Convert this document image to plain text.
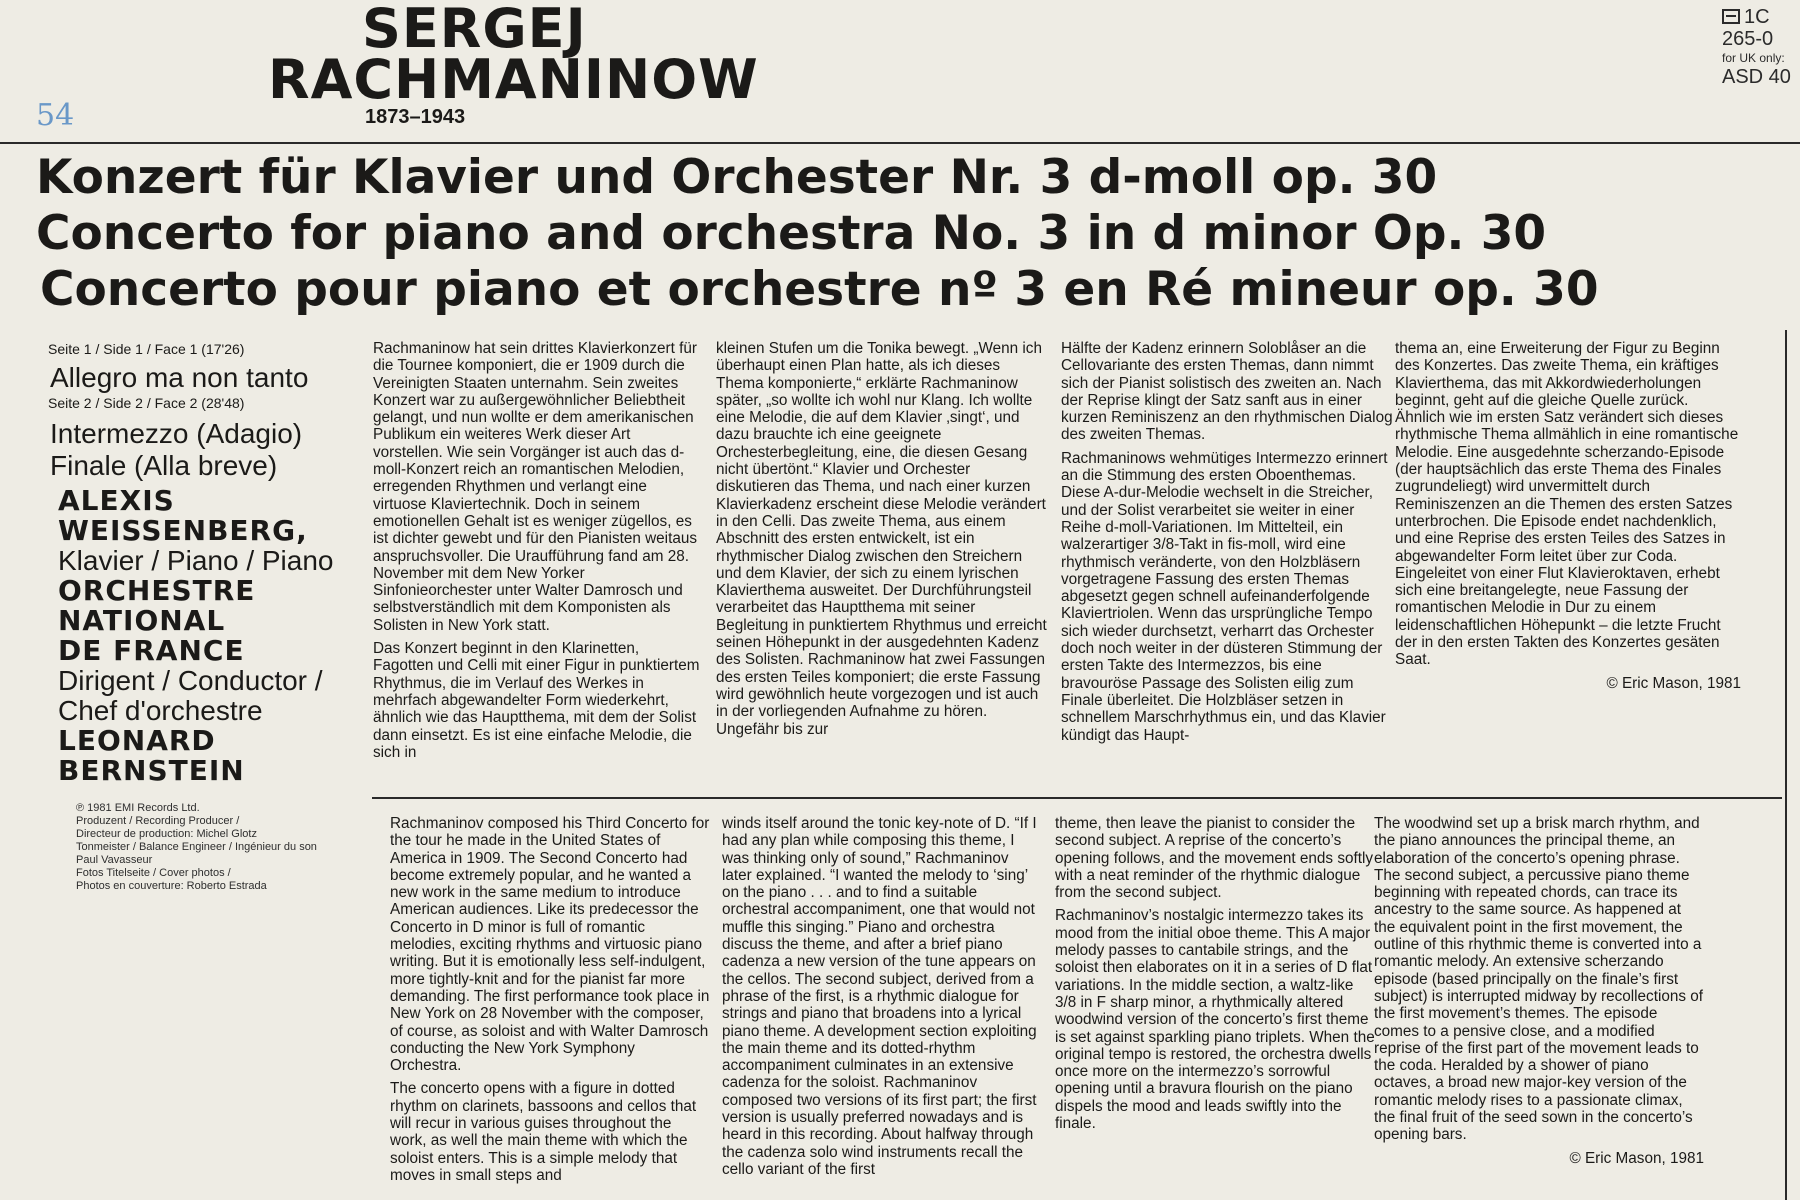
SERGEJ
RACHMANINOW
1873–1943
54
1C 265-0
for UK only:
ASD 40
Konzert für Klavier und Orchester Nr. 3 d-moll op. 30
Concerto for piano and orchestra No. 3 in d minor Op. 30
Concerto pour piano et orchestre nº 3 en Ré mineur op. 30
Seite 1 / Side 1 / Face 1 (17'26)
Allegro ma non tanto
Seite 2 / Side 2 / Face 2 (28'48)
Intermezzo (Adagio)
Finale (Alla breve)
ALEXIS
WEISSENBERG,
Klavier / Piano / Piano
ORCHESTRE
NATIONAL
DE FRANCE
Dirigent / Conductor /
Chef d'orchestre
LEONARD
BERNSTEIN
℗ 1981 EMI Records Ltd.
Produzent / Recording Producer /
Directeur de production: Michel Glotz
Tonmeister / Balance Engineer / Ingénieur du son
Paul Vavasseur
Fotos Titelseite / Cover photos /
Photos en couverture: Roberto Estrada

Rachmaninow hat sein drittes Klavierkonzert für die Tournee komponiert, die er 1909 durch die Vereinigten Staaten unternahm. Sein zweites Konzert war zu außergewöhnlicher Beliebtheit gelangt, und nun wollte er dem amerikanischen Publikum ein weiteres Werk dieser Art vorstellen. Wie sein Vorgänger ist auch das d-moll-Konzert reich an romantischen Melodien, erregenden Rhythmen und verlangt eine virtuose Klaviertechnik. Doch in seinem emotionellen Gehalt ist es weniger zügellos, es ist dichter gewebt und für den Pianisten weitaus anspruchsvoller. Die Uraufführung fand am 28. November mit dem New Yorker Sinfonieorchester unter Walter Damrosch und selbstverständlich mit dem Komponisten als Solisten in New York statt.

Das Konzert beginnt in den Klarinetten, Fagotten und Celli mit einer Figur in punktiertem Rhythmus, die im Verlauf des Werkes in mehrfach abgewandelter Form wiederkehrt, ähnlich wie das Hauptthema, mit dem der Solist dann einsetzt. Es ist eine einfache Melodie, die sich in

kleinen Stufen um die Tonika bewegt. „Wenn ich überhaupt einen Plan hatte, als ich dieses Thema komponierte,“ erklärte Rachmaninow später, „so wollte ich wohl nur Klang. Ich wollte eine Melodie, die auf dem Klavier ‚singt‘, und dazu brauchte ich eine geeignete Orchesterbegleitung, eine, die diesen Gesang nicht übertönt.“ Klavier und Orchester diskutieren das Thema, und nach einer kurzen Klavierkadenz erscheint diese Melodie verändert in den Celli. Das zweite Thema, aus einem Abschnitt des ersten entwickelt, ist ein rhythmischer Dialog zwischen den Streichern und dem Klavier, der sich zu einem lyrischen Klavierthema ausweitet. Der Durchführungsteil verarbeitet das Hauptthema mit seiner Begleitung in punktiertem Rhythmus und erreicht seinen Höhepunkt in der ausgedehnten Kadenz des Solisten. Rachmaninow hat zwei Fassungen des ersten Teiles komponiert; die erste Fassung wird gewöhnlich heute vorgezogen und ist auch in der vorliegenden Aufnahme zu hören. Ungefähr bis zur

Hälfte der Kadenz erinnern Soloblåser an die Cellovariante des ersten Themas, dann nimmt sich der Pianist solistisch des zweiten an. Nach der Reprise klingt der Satz sanft aus in einer kurzen Reminiszenz an den rhythmischen Dialog des zweiten Themas.

Rachmaninows wehmütiges Intermezzo erinnert an die Stimmung des ersten Oboenthemas. Diese A-dur-Melodie wechselt in die Streicher, und der Solist verarbeitet sie weiter in einer Reihe d-moll-Variationen. Im Mittelteil, ein walzerartiger 3/8-Takt in fis-moll, wird eine rhythmisch veränderte, von den Holzbläsern vorgetragene Fassung des ersten Themas abgesetzt gegen schnell aufeinanderfolgende Klaviertriolen. Wenn das ursprüngliche Tempo sich wieder durchsetzt, verharrt das Orchester doch noch weiter in der düsteren Stimmung der ersten Takte des Intermezzos, bis eine bravouröse Passage des Solisten eilig zum Finale überleitet. Die Holzbläser setzen in schnellem Marschrhythmus ein, und das Klavier kündigt das Haupt-

thema an, eine Erweiterung der Figur zu Beginn des Konzertes. Das zweite Thema, ein kräftiges Klavierthema, das mit Akkordwiederholungen beginnt, geht auf die gleiche Quelle zurück. Ähnlich wie im ersten Satz verändert sich dieses rhythmische Thema allmählich in eine romantische Melodie. Eine ausgedehnte scherzando-Episode (der hauptsächlich das erste Thema des Finales zugrundeliegt) wird unvermittelt durch Reminiszenzen an die Themen des ersten Satzes unterbrochen. Die Episode endet nachdenklich, und eine Reprise des ersten Teiles des Satzes in abgewandelter Form leitet über zur Coda. Eingeleitet von einer Flut Klavieroktaven, erhebt sich eine breitangelegte, neue Fassung der romantischen Melodie in Dur zu einem leidenschaftlichen Höhepunkt – die letzte Frucht der in den ersten Takten des Konzertes gesäten Saat.

© Eric Mason, 1981

Rachmaninov composed his Third Concerto for the tour he made in the United States of America in 1909. The Second Concerto had become extremely popular, and he wanted a new work in the same medium to introduce American audiences. Like its predecessor the Concerto in D minor is full of romantic melodies, exciting rhythms and virtuosic piano writing. But it is emotionally less self-indulgent, more tightly-knit and for the pianist far more demanding. The first performance took place in New York on 28 November with the composer, of course, as soloist and with Walter Damrosch conducting the New York Symphony Orchestra.

The concerto opens with a figure in dotted rhythm on clarinets, bassoons and cellos that will recur in various guises throughout the work, as well the main theme with which the soloist enters. This is a simple melody that moves in small steps and

winds itself around the tonic key-note of D. “If I had any plan while composing this theme, I was thinking only of sound,” Rachmaninov later explained. “I wanted the melody to ‘sing’ on the piano . . . and to find a suitable orchestral accompaniment, one that would not muffle this singing.” Piano and orchestra discuss the theme, and after a brief piano cadenza a new version of the tune appears on the cellos. The second subject, derived from a phrase of the first, is a rhythmic dialogue for strings and piano that broadens into a lyrical piano theme. A development section exploiting the main theme and its dotted-rhythm accompaniment culminates in an extensive cadenza for the soloist. Rachmaninov composed two versions of its first part; the first version is usually preferred nowadays and is heard in this recording. About halfway through the cadenza solo wind instruments recall the cello variant of the first

theme, then leave the pianist to consider the second subject. A reprise of the concerto’s opening follows, and the movement ends softly with a neat reminder of the rhythmic dialogue from the second subject.

Rachmaninov’s nostalgic intermezzo takes its mood from the initial oboe theme. This A major melody passes to cantabile strings, and the soloist then elaborates on it in a series of D flat variations. In the middle section, a waltz-like 3/8 in F sharp minor, a rhythmically altered woodwind version of the concerto’s first theme is set against sparkling piano triplets. When the original tempo is restored, the orchestra dwells once more on the intermezzo’s sorrowful opening until a bravura flourish on the piano dispels the mood and leads swiftly into the finale.

The woodwind set up a brisk march rhythm, and the piano announces the principal theme, an elaboration of the concerto’s opening phrase. The second subject, a percussive piano theme beginning with repeated chords, can trace its ancestry to the same source. As happened at the equivalent point in the first movement, the outline of this rhythmic theme is converted into a romantic melody. An extensive scherzando episode (based principally on the finale’s first subject) is interrupted midway by recollections of the first movement’s themes. The episode comes to a pensive close, and a modified reprise of the first part of the movement leads to the coda. Heralded by a shower of piano octaves, a broad new major-key version of the romantic melody rises to a passionate climax, the final fruit of the seed sown in the concerto’s opening bars.

© Eric Mason, 1981
